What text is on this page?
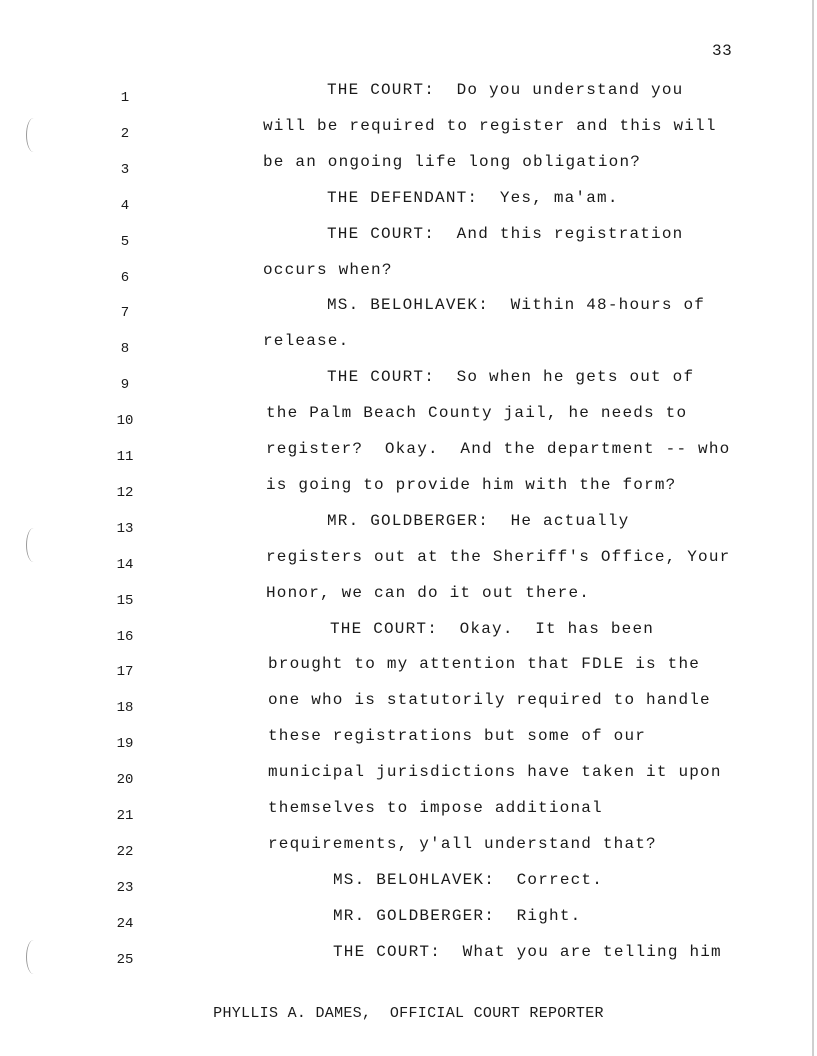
33
1	THE COURT:  Do you understand you
2	will be required to register and this will
3	be an ongoing life long obligation?
4	THE DEFENDANT:  Yes, ma'am.
5	THE COURT:  And this registration
6	occurs when?
7	MS. BELOHLAVEK:  Within 48-hours of
8	release.
9	THE COURT:  So when he gets out of
10	the Palm Beach County jail, he needs to
11	register?  Okay.  And the department -- who
12	is going to provide him with the form?
13	MR. GOLDBERGER:  He actually
14	registers out at the Sheriff's Office, Your
15	Honor, we can do it out there.
16	THE COURT:  Okay.  It has been
17	brought to my attention that FDLE is the
18	one who is statutorily required to handle
19	these registrations but some of our
20	municipal jurisdictions have taken it upon
21	themselves to impose additional
22	requirements, y'all understand that?
23	MS. BELOHLAVEK:  Correct.
24	MR. GOLDBERGER:  Right.
25	THE COURT:  What you are telling him
PHYLLIS A. DAMES,  OFFICIAL COURT REPORTER
